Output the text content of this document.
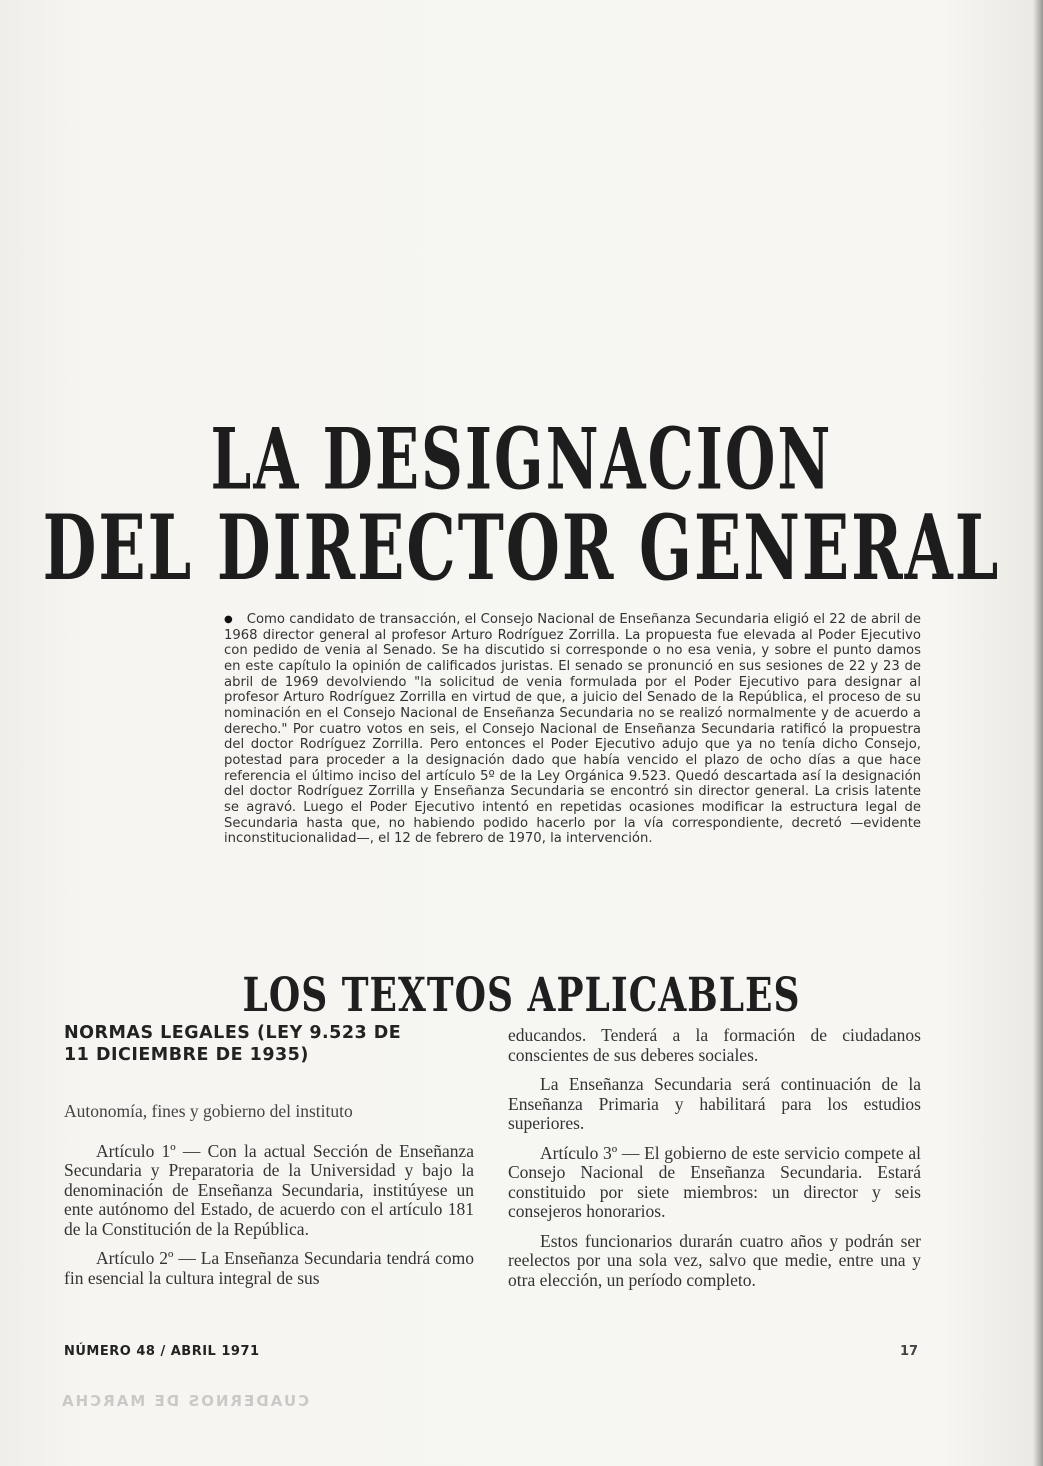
LA DESIGNACION
DEL DIRECTOR GENERAL
● Como candidato de transacción, el Consejo Nacional de Enseñanza Secundaria eligió el 22 de abril de 1968 director general al profesor Arturo Rodríguez Zorrilla. La propuesta fue elevada al Poder Ejecutivo con pedido de venia al Senado. Se ha discutido si corresponde o no esa venia, y sobre el punto damos en este capítulo la opinión de calificados juristas. El senado se pronunció en sus sesiones de 22 y 23 de abril de 1969 devolviendo "la solicitud de venia formulada por el Poder Ejecutivo para designar al profesor Arturo Rodríguez Zorrilla en virtud de que, a juicio del Senado de la República, el proceso de su nominación en el Consejo Nacional de Enseñanza Secundaria no se realizó normalmente y de acuerdo a derecho." Por cuatro votos en seis, el Consejo Nacional de Enseñanza Secundaria ratificó la propuestra del doctor Rodríguez Zorrilla. Pero entonces el Poder Ejecutivo adujo que ya no tenía dicho Consejo, potestad para proceder a la designación dado que había vencido el plazo de ocho días a que hace referencia el último inciso del artículo 5º de la Ley Orgánica 9.523. Quedó descartada así la designación del doctor Rodríguez Zorrilla y Enseñanza Secundaria se encontró sin director general. La crisis latente se agravó. Luego el Poder Ejecutivo intentó en repetidas ocasiones modificar la estructura legal de Secundaria hasta que, no habiendo podido hacerlo por la vía correspondiente, decretó —evidente inconstitucionalidad—, el 12 de febrero de 1970, la intervención.
LOS TEXTOS APLICABLES
NORMAS LEGALES (LEY 9.523 DE
11 DICIEMBRE DE 1935)
Autonomía, fines y gobierno del instituto

Artículo 1º — Con la actual Sección de Enseñanza Secundaria y Preparatoria de la Universidad y bajo la denominación de Enseñanza Secundaria, institúyese un ente autónomo del Estado, de acuerdo con el artículo 181 de la Constitución de la República.

Artículo 2º — La Enseñanza Secundaria tendrá como fin esencial la cultura integral de sus

educandos. Tenderá a la formación de ciudadanos conscientes de sus deberes sociales.

La Enseñanza Secundaria será continuación de la Enseñanza Primaria y habilitará para los estudios superiores.

Artículo 3º — El gobierno de este servicio compete al Consejo Nacional de Enseñanza Secundaria. Estará constituido por siete miembros: un director y seis consejeros honorarios.

Estos funcionarios durarán cuatro años y podrán ser reelectos por una sola vez, salvo que medie, entre una y otra elección, un período completo.

NÚMERO 48 / ABRIL 1971	17
CUADERNOS DE MARCHA
